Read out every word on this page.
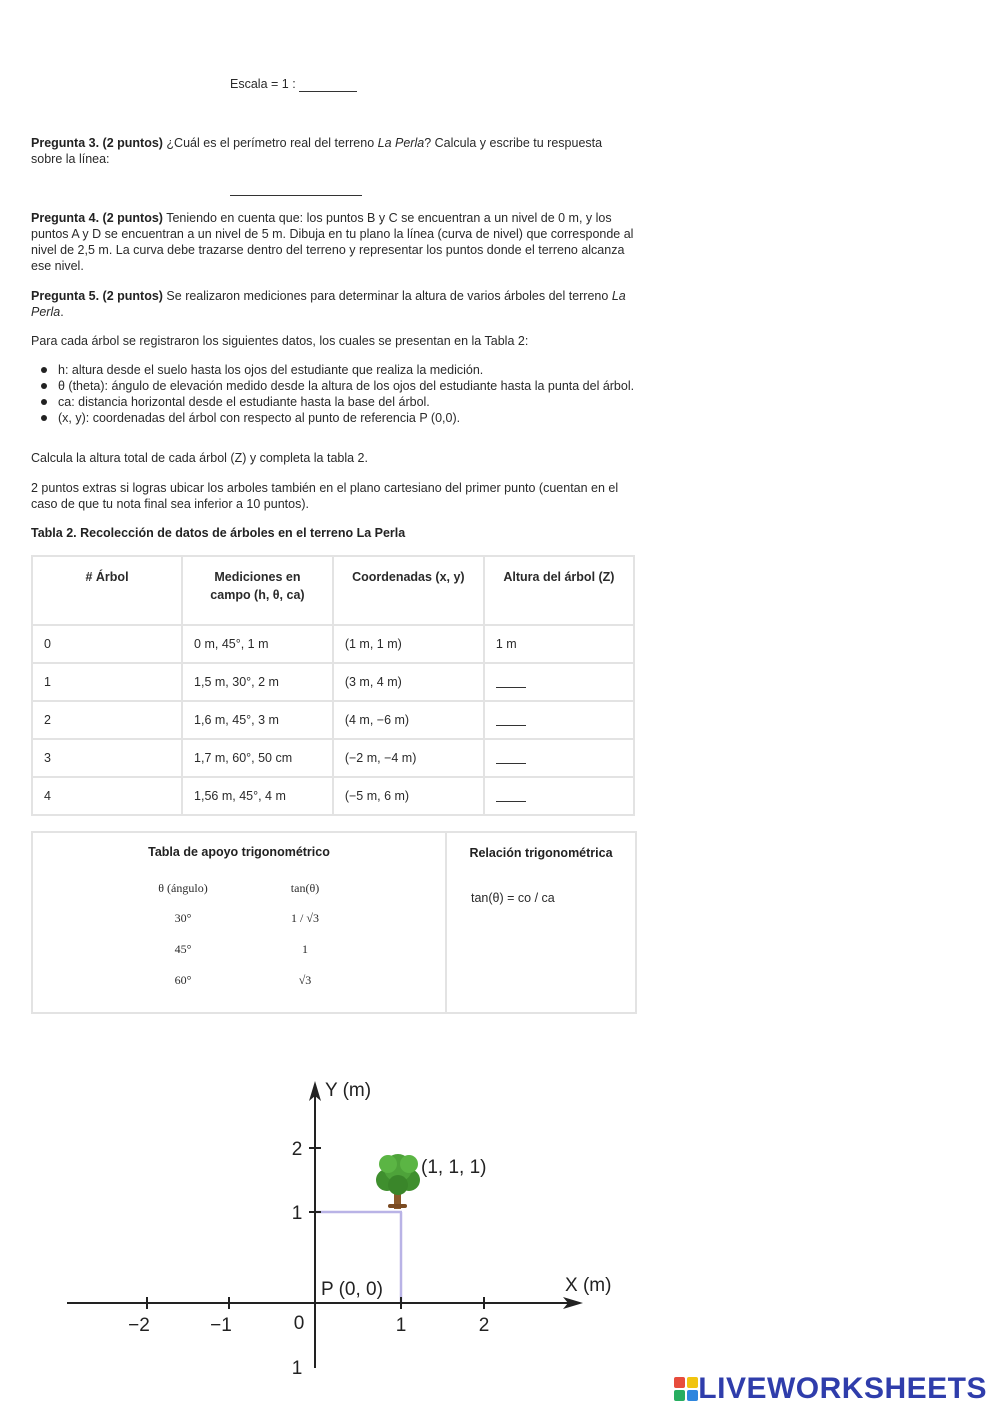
Escala = 1 :
Pregunta 3. (2 puntos) ¿Cuál es el perímetro real del terreno La Perla? Calcula y escribe tu respuesta sobre la línea:
Pregunta 4. (2 puntos) Teniendo en cuenta que: los puntos B y C se encuentran a un nivel de 0 m, y los puntos A y D se encuentran a un nivel de 5 m. Dibuja en tu plano la línea (curva de nivel) que corresponde al nivel de 2,5 m. La curva debe trazarse dentro del terreno y representar los puntos donde el terreno alcanza ese nivel.
Pregunta 5. (2 puntos) Se realizaron mediciones para determinar la altura de varios árboles del terreno La Perla.
Para cada árbol se registraron los siguientes datos, los cuales se presentan en la Tabla 2:
h: altura desde el suelo hasta los ojos del estudiante que realiza la medición.
θ (theta): ángulo de elevación medido desde la altura de los ojos del estudiante hasta la punta del árbol.
ca: distancia horizontal desde el estudiante hasta la base del árbol.
(x, y): coordenadas del árbol con respecto al punto de referencia P (0,0).
Calcula la altura total de cada árbol (Z) y completa la tabla 2.
2 puntos extras si logras ubicar los arboles también en el plano cartesiano del primer punto (cuentan en el caso de que tu nota final sea inferior a 10 puntos).
Tabla 2. Recolección de datos de árboles en el terreno La Perla
# Árbol	Mediciones en campo (h, θ, ca)	Coordenadas (x, y)	Altura del árbol (Z)
0	0 m, 45°, 1 m	(1 m, 1 m)	1 m
1	1,5 m, 30°, 2 m	(3 m, 4 m)	
2	1,6 m, 45°, 3 m	(4 m, −6 m)	
3	1,7 m, 60°, 50 cm	(−2 m, −4 m)	
4	1,56 m, 45°, 4 m	(−5 m, 6 m)	
Tabla de apoyo trigonométrico
θ (ángulo)	tan(θ)
30°	1 / √3
45°	1
60°	√3
Relación trigonométrica
tan(θ) = co / ca
−2	−1	0	1	2
2
1
1
Y (m)
X (m)
P (0, 0)
(1, 1, 1)
LIVEWORKSHEETS
